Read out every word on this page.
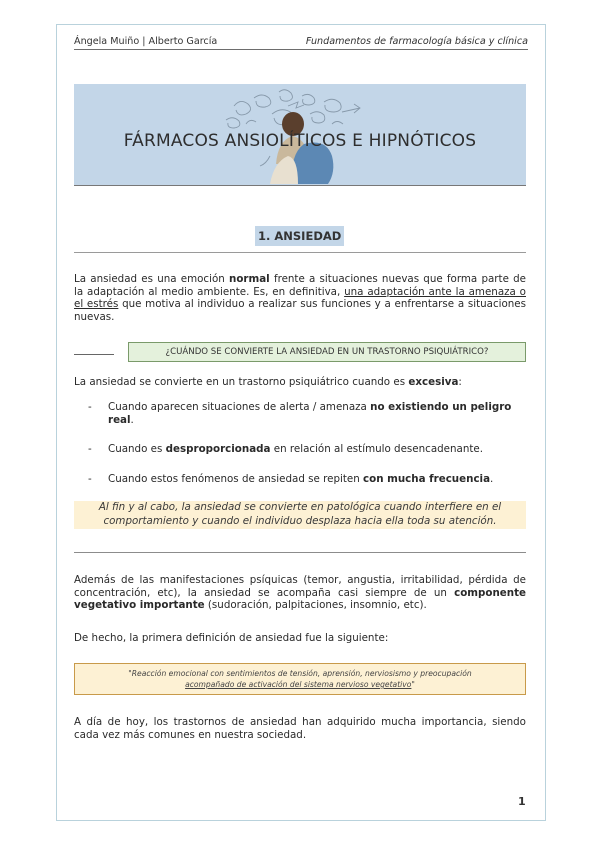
Ángela Muiño | Alberto García	Fundamentos de farmacología básica y clínica
FÁRMACOS ANSIOLÍTICOS E HIPNÓTICOS
1. ANSIEDAD
La ansiedad es una emoción normal frente a situaciones nuevas que forma parte de la adaptación al medio ambiente. Es, en definitiva, una adaptación ante la amenaza o el estrés que motiva al individuo a realizar sus funciones y a enfrentarse a situaciones nuevas.
¿CUÁNDO SE CONVIERTE LA ANSIEDAD EN UN TRASTORNO PSIQUIÁTRICO?
La ansiedad se convierte en un trastorno psiquiátrico cuando es excesiva:
- Cuando aparecen situaciones de alerta / amenaza no existiendo un peligro real.
- Cuando es desproporcionada en relación al estímulo desencadenante.
- Cuando estos fenómenos de ansiedad se repiten con mucha frecuencia.
Al fin y al cabo, la ansiedad se convierte en patológica cuando interfiere en el comportamiento y cuando el individuo desplaza hacia ella toda su atención.
Además de las manifestaciones psíquicas (temor, angustia, irritabilidad, pérdida de concentración, etc), la ansiedad se acompaña casi siempre de un componente vegetativo importante (sudoración, palpitaciones, insomnio, etc).
De hecho, la primera definición de ansiedad fue la siguiente:
"Reacción emocional con sentimientos de tensión, aprensión, nerviosismo y preocupación
acompañado de activación del sistema nervioso vegetativo"
A día de hoy, los trastornos de ansiedad han adquirido mucha importancia, siendo cada vez más comunes en nuestra sociedad.
1
